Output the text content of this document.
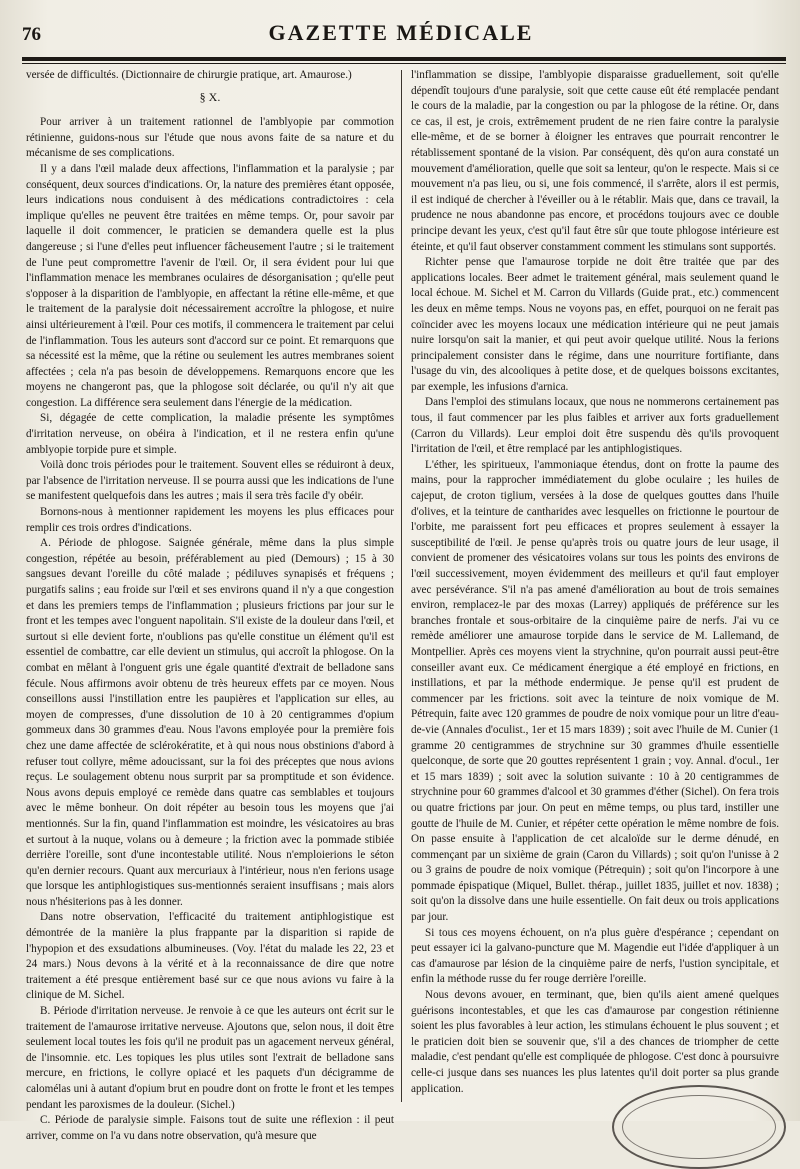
76	GAZETTE MÉDICALE

versée de difficultés. (Dictionnaire de chirurgie pratique, art. Amaurose.)

§ X.

Pour arriver à un traitement rationnel de l'amblyopie par commotion rétinienne, guidons-nous sur l'étude que nous avons faite de sa nature et du mécanisme de ses complications.

Il y a dans l'œil malade deux affections, l'inflammation et la paralysie ; par conséquent, deux sources d'indications. Or, la nature des premières étant opposée, leurs indications nous conduisent à des médications contradictoires : cela implique qu'elles ne peuvent être traitées en même temps. Or, pour savoir par laquelle il doit commencer, le praticien se demandera quelle est la plus dangereuse ; si l'une d'elles peut influencer fâcheusement l'autre ; si le traitement de l'une peut compromettre l'avenir de l'œil. Or, il sera évident pour lui que l'inflammation menace les membranes oculaires de désorganisation ; qu'elle peut s'opposer à la disparition de l'amblyopie, en affectant la rétine elle-même, et que le traitement de la paralysie doit nécessairement accroître la phlogose, et nuire ainsi ultérieurement à l'œil. Pour ces motifs, il commencera le traitement par celui de l'inflammation. Tous les auteurs sont d'accord sur ce point. Et remarquons que sa nécessité est la même, que la rétine ou seulement les autres membranes soient affectées ; cela n'a pas besoin de développemens. Remarquons encore que les moyens ne changeront pas, que la phlogose soit déclarée, ou qu'il n'y ait que congestion. La différence sera seulement dans l'énergie de la médication.

Si, dégagée de cette complication, la maladie présente les symptômes d'irritation nerveuse, on obéira à l'indication, et il ne restera enfin qu'une amblyopie torpide pure et simple.

Voilà donc trois périodes pour le traitement. Souvent elles se réduiront à deux, par l'absence de l'irritation nerveuse. Il se pourra aussi que les indications de l'une se manifestent quelquefois dans les autres ; mais il sera très facile d'y obéir.

Bornons-nous à mentionner rapidement les moyens les plus efficaces pour remplir ces trois ordres d'indications.

A. Période de phlogose. Saignée générale, même dans la plus simple congestion, répétée au besoin, préférablement au pied (Demours) ; 15 à 30 sangsues devant l'oreille du côté malade ; pédiluves synapisés et fréquens ; purgatifs salins ; eau froide sur l'œil et ses environs quand il n'y a que congestion et dans les premiers temps de l'inflammation ; plusieurs frictions par jour sur le front et les tempes avec l'onguent napolitain. S'il existe de la douleur dans l'œil, et surtout si elle devient forte, n'oublions pas qu'elle constitue un élément qu'il est essentiel de combattre, car elle devient un stimulus, qui accroît la phlogose. On la combat en mêlant à l'onguent gris une égale quantité d'extrait de belladone sans fécule. Nous affirmons avoir obtenu de très heureux effets par ce moyen. Nous conseillons aussi l'instillation entre les paupières et l'application sur elles, au moyen de compresses, d'une dissolution de 10 à 20 centigrammes d'opium gommeux dans 30 grammes d'eau. Nous l'avons employée pour la première fois chez une dame affectée de sclérokératite, et à qui nous nous obstinions d'abord à refuser tout collyre, même adoucissant, sur la foi des préceptes que nous avions reçus. Le soulagement obtenu nous surprit par sa promptitude et son évidence. Nous avons depuis employé ce remède dans quatre cas semblables et toujours avec le même bonheur. On doit répéter au besoin tous les moyens que j'ai mentionnés. Sur la fin, quand l'inflammation est moindre, les vésicatoires au bras et surtout à la nuque, volans ou à demeure ; la friction avec la pommade stibiée derrière l'oreille, sont d'une incontestable utilité. Nous n'emploierions le séton qu'en dernier recours. Quant aux mercuriaux à l'intérieur, nous n'en ferions usage que lorsque les antiphlogistiques sus-mentionnés seraient insuffisans ; mais alors nous n'hésiterions pas à les donner.

Dans notre observation, l'efficacité du traitement antiphlogistique est démontrée de la manière la plus frappante par la disparition si rapide de l'hypopion et des exsudations albumineuses. (Voy. l'état du malade les 22, 23 et 24 mars.) Nous devons à la vérité et à la reconnaissance de dire que notre traitement a été presque entièrement basé sur ce que nous avions vu faire à la clinique de M. Sichel.

B. Période d'irritation nerveuse. Je renvoie à ce que les auteurs ont écrit sur le traitement de l'amaurose irritative nerveuse. Ajoutons que, selon nous, il doit être seulement local toutes les fois qu'il ne produit pas un agacement nerveux général, de l'insomnie. etc. Les topiques les plus utiles sont l'extrait de belladone sans mercure, en frictions, le collyre opiacé et les paquets d'un décigramme de calomélas uni à autant d'opium brut en poudre dont on frotte le front et les tempes pendant les paroxismes de la douleur. (Sichel.)

C. Période de paralysie simple. Faisons tout de suite une réflexion : il peut arriver, comme on l'a vu dans notre observation, qu'à mesure que

l'inflammation se dissipe, l'amblyopie disparaisse graduellement, soit qu'elle dépendît toujours d'une paralysie, soit que cette cause eût été remplacée pendant le cours de la maladie, par la congestion ou par la phlogose de la rétine. Or, dans ce cas, il est, je crois, extrêmement prudent de ne rien faire contre la paralysie elle-même, et de se borner à éloigner les entraves que pourrait rencontrer le rétablissement spontané de la vision. Par conséquent, dès qu'on aura constaté un mouvement d'amélioration, quelle que soit sa lenteur, qu'on le respecte. Mais si ce mouvement n'a pas lieu, ou si, une fois commencé, il s'arrête, alors il est permis, il est indiqué de chercher à l'éveiller ou à le rétablir. Mais que, dans ce travail, la prudence ne nous abandonne pas encore, et procédons toujours avec ce double principe devant les yeux, c'est qu'il faut être sûr que toute phlogose intérieure est éteinte, et qu'il faut observer constamment comment les stimulans sont supportés.

Richter pense que l'amaurose torpide ne doit être traitée que par des applications locales. Beer admet le traitement général, mais seulement quand le local échoue. M. Sichel et M. Carron du Villards (Guide prat., etc.) commencent les deux en même temps. Nous ne voyons pas, en effet, pourquoi on ne ferait pas coïncider avec les moyens locaux une médication intérieure qui ne peut jamais nuire lorsqu'on sait la manier, et qui peut avoir quelque utilité. Nous la ferions principalement consister dans le régime, dans une nourriture fortifiante, dans l'usage du vin, des alcooliques à petite dose, et de quelques boissons excitantes, par exemple, les infusions d'arnica.

Dans l'emploi des stimulans locaux, que nous ne nommerons certainement pas tous, il faut commencer par les plus faibles et arriver aux forts graduellement (Carron du Villards). Leur emploi doit être suspendu dès qu'ils provoquent l'irritation de l'œil, et être remplacé par les antiphlogistiques.

L'éther, les spiritueux, l'ammoniaque étendus, dont on frotte la paume des mains, pour la rapprocher immédiatement du globe oculaire ; les huiles de cajeput, de croton tiglium, versées à la dose de quelques gouttes dans l'huile d'olives, et la teinture de cantharides avec lesquelles on frictionne le pourtour de l'orbite, me paraissent fort peu efficaces et propres seulement à essayer la susceptibilité de l'œil. Je pense qu'après trois ou quatre jours de leur usage, il convient de promener des vésicatoires volans sur tous les points des environs de l'œil successivement, moyen évidemment des meilleurs et qu'il faut employer avec persévérance. S'il n'a pas amené d'amélioration au bout de trois semaines environ, remplacez-le par des moxas (Larrey) appliqués de préférence sur les branches frontale et sous-orbitaire de la cinquième paire de nerfs. J'ai vu ce remède améliorer une amaurose torpide dans le service de M. Lallemand, de Montpellier. Après ces moyens vient la strychnine, qu'on pourrait aussi peut-être conseiller avant eux. Ce médicament énergique a été employé en frictions, en instillations, et par la méthode endermique. Je pense qu'il est prudent de commencer par les frictions. soit avec la teinture de noix vomique de M. Pétrequin, faite avec 120 grammes de poudre de noix vomique pour un litre d'eau-de-vie (Annales d'oculist., 1er et 15 mars 1839) ; soit avec l'huile de M. Cunier (1 gramme 20 centigrammes de strychnine sur 30 grammes d'huile essentielle quelconque, de sorte que 20 gouttes représentent 1 grain ; voy. Annal. d'ocul., 1er et 15 mars 1839) ; soit avec la solution suivante : 10 à 20 centigrammes de strychnine pour 60 grammes d'alcool et 30 grammes d'éther (Sichel). On fera trois ou quatre frictions par jour. On peut en même temps, ou plus tard, instiller une goutte de l'huile de M. Cunier, et répéter cette opération le même nombre de fois. On passe ensuite à l'application de cet alcaloïde sur le derme dénudé, en commençant par un sixième de grain (Caron du Villards) ; soit qu'on l'unisse à 2 ou 3 grains de poudre de noix vomique (Pétrequin) ; soit qu'on l'incorpore à une pommade épispatique (Miquel, Bullet. thérap., juillet 1835, juillet et nov. 1838) ; soit qu'on la dissolve dans une huile essentielle. On fait deux ou trois applications par jour.

Si tous ces moyens échouent, on n'a plus guère d'espérance ; cependant on peut essayer ici la galvano-puncture que M. Magendie eut l'idée d'appliquer à un cas d'amaurose par lésion de la cinquième paire de nerfs, l'ustion syncipitale, et enfin la méthode russe du fer rouge derrière l'oreille.

Nous devons avouer, en terminant, que, bien qu'ils aient amené quelques guérisons incontestables, et que les cas d'amaurose par congestion rétinienne soient les plus favorables à leur action, les stimulans échouent le plus souvent ; et le praticien doit bien se souvenir que, s'il a des chances de triompher de cette maladie, c'est pendant qu'elle est compliquée de phlogose. C'est donc à poursuivre celle-ci jusque dans ses nuances les plus latentes qu'il doit porter sa plus grande application.
